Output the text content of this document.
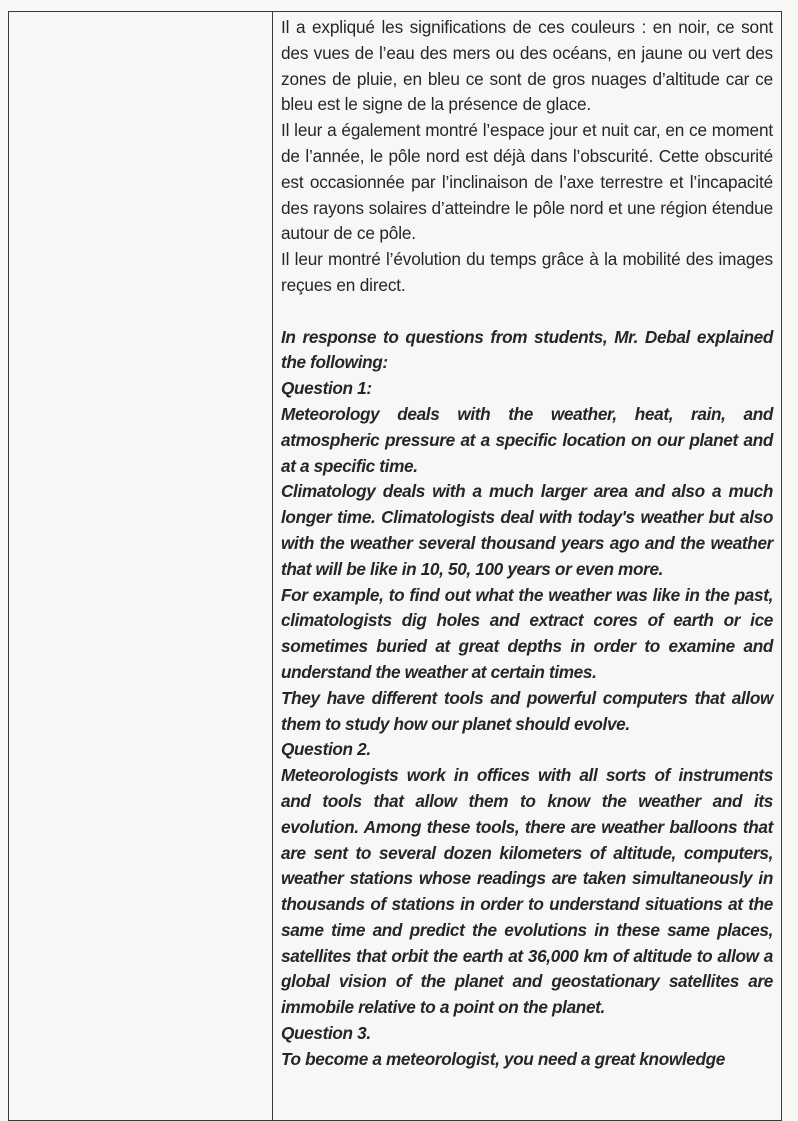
Il a expliqué les significations de ces couleurs : en noir, ce sont des vues de l’eau des mers ou des océans, en jaune ou vert des zones de pluie, en bleu ce sont de gros nuages d’altitude car ce bleu est le signe de la présence de glace.

Il leur a également montré l’espace jour et nuit car, en ce moment de l’année, le pôle nord est déjà dans l’obscurité. Cette obscurité est occasionnée par l’inclinaison de l’axe terrestre et l’incapacité des rayons solaires d’atteindre le pôle nord et une région étendue autour de ce pôle.

Il leur montré l’évolution du temps grâce à la mobilité des images reçues en direct.

In response to questions from students, Mr. Debal explained the following:

Question 1:

Meteorology deals with the weather, heat, rain, and atmospheric pressure at a specific location on our planet and at a specific time.

Climatology deals with a much larger area and also a much longer time. Climatologists deal with today's weather but also with the weather several thousand years ago and the weather that will be like in 10, 50, 100 years or even more.

For example, to find out what the weather was like in the past, climatologists dig holes and extract cores of earth or ice sometimes buried at great depths in order to examine and understand the weather at certain times.

They have different tools and powerful computers that allow them to study how our planet should evolve.

Question 2.

Meteorologists work in offices with all sorts of instruments and tools that allow them to know the weather and its evolution. Among these tools, there are weather balloons that are sent to several dozen kilometers of altitude, computers, weather stations whose readings are taken simultaneously in thousands of stations in order to understand situations at the same time and predict the evolutions in these same places, satellites that orbit the earth at 36,000 km of altitude to allow a global vision of the planet and geostationary satellites are immobile relative to a point on the planet.

Question 3.

To become a meteorologist, you need a great knowledge
